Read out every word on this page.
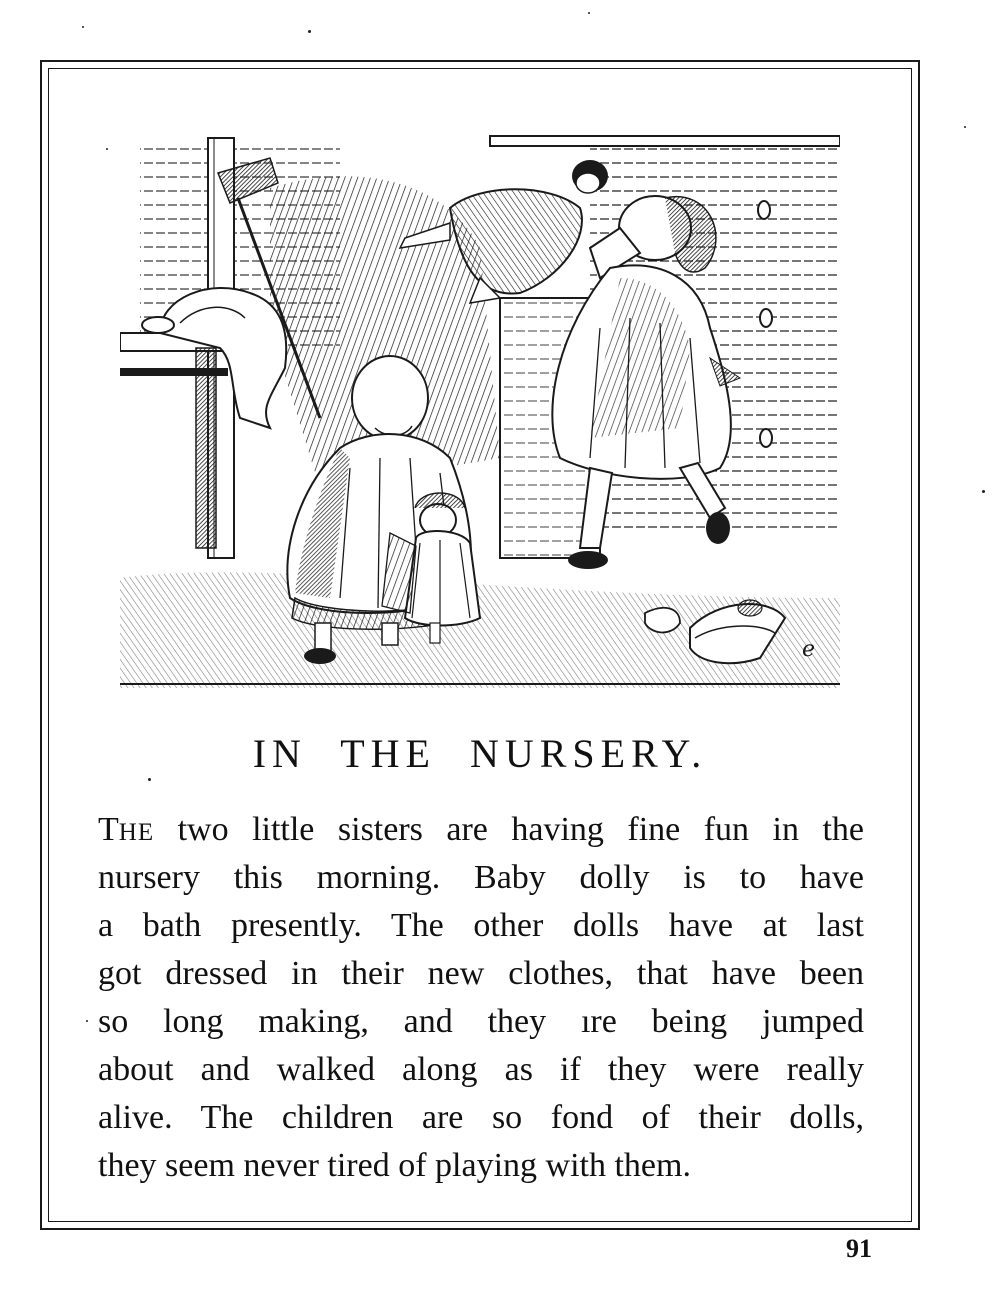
ℯ
IN THE NURSERY.
THE two little sisters are having fine fun in the
nursery this morning. Baby dolly is to have
a bath presently. The other dolls have at last
got dressed in their new clothes, that have been
so long making, and they ıre being jumped
about and walked along as if they were really
alive. The children are so fond of their dolls,
they seem never tired of playing with them.
91
